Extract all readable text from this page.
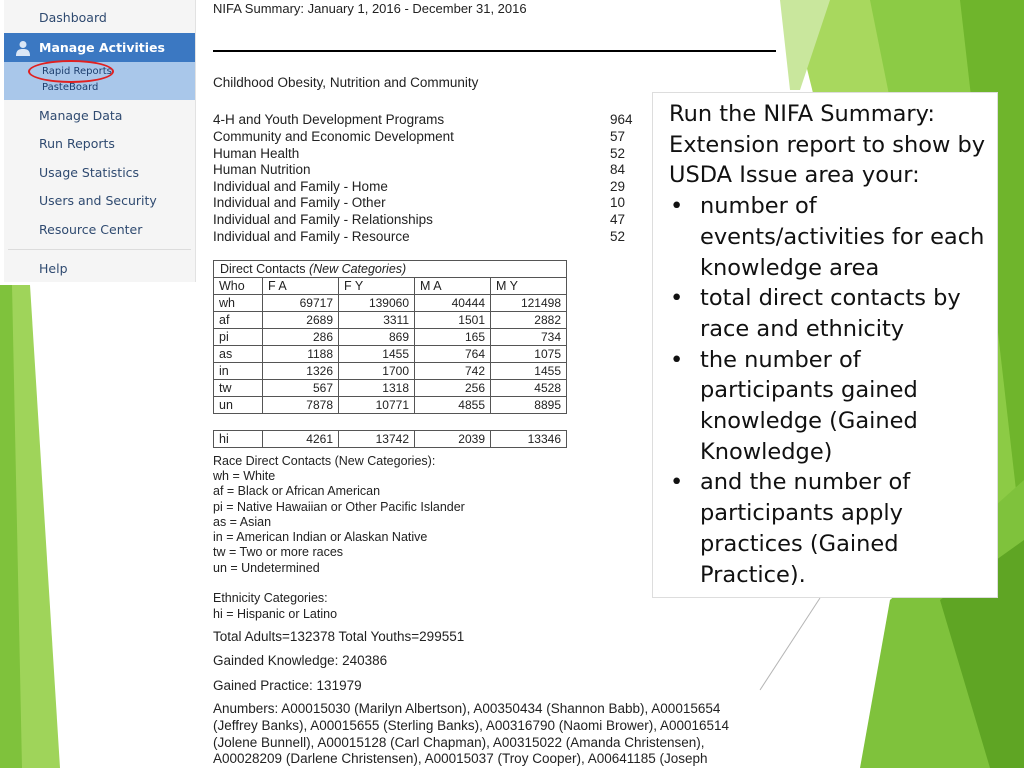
Dashboard
Manage Activities
Rapid Reports
PasteBoard
Manage Data
Run Reports
Usage Statistics
Users and Security
Resource Center
Help
NIFA Summary: January 1, 2016 - December 31, 2016
Childhood Obesity, Nutrition and Community
4-H and Youth Development Programs	964
Community and Economic Development	57
Human Health	52
Human Nutrition	84
Individual and Family - Home	29
Individual and Family - Other	10
Individual and Family - Relationships	47
Individual and Family - Resource	52
Direct Contacts (New Categories)				
Who	F A	F Y	M A	M Y
wh	69717	139060	40444	121498
af	2689	3311	1501	2882
pi	286	869	165	734
as	1188	1455	764	1075
in	1326	1700	742	1455
tw	567	1318	256	4528
un	7878	10771	4855	8895
hi	4261	13742	2039	13346
Race Direct Contacts (New Categories):
wh = White
af = Black or African American
pi = Native Hawaiian or Other Pacific Islander
as = Asian
in = American Indian or Alaskan Native
tw = Two or more races
un = Undetermined
Ethnicity Categories:
hi = Hispanic or Latino
Total Adults=132378 Total Youths=299551
Gainded Knowledge: 240386
Gained Practice: 131979
Anumbers: A00015030 (Marilyn Albertson), A00350434 (Shannon Babb), A00015654
(Jeffrey Banks), A00015655 (Sterling Banks), A00316790 (Naomi Brower), A00016514
(Jolene Bunnell), A00015128 (Carl Chapman), A00315022 (Amanda Christensen),
A00028209 (Darlene Christensen), A00015037 (Troy Cooper), A00641185 (Joseph
Run the NIFA Summary: Extension report to show by USDA Issue area your:
• number of events/activities for each knowledge area
• total direct contacts by race and ethnicity
• the number of participants gained knowledge (Gained Knowledge)
• and the number of participants apply practices (Gained Practice).
